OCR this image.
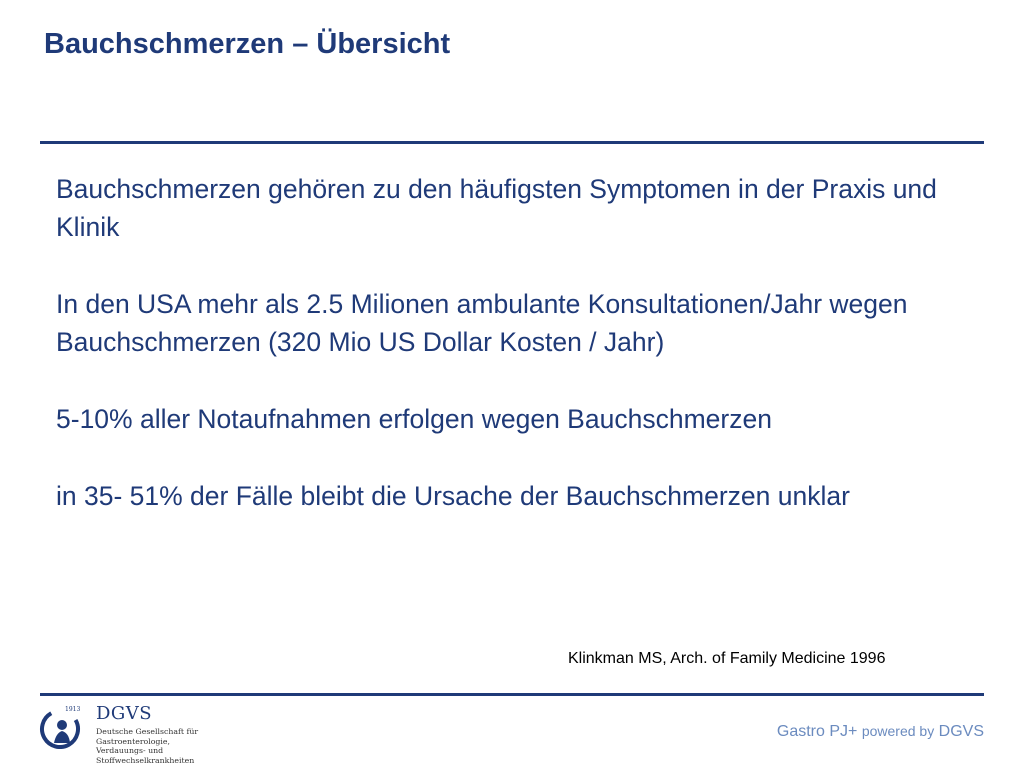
Bauchschmerzen – Übersicht

Bauchschmerzen gehören zu den häufigsten Symptomen in der Praxis und Klinik

In den USA mehr als 2.5 Milionen ambulante Konsultationen/Jahr wegen Bauchschmerzen (320 Mio US Dollar Kosten / Jahr)

5-10% aller Notaufnahmen erfolgen wegen Bauchschmerzen

in 35- 51% der Fälle bleibt die Ursache der Bauchschmerzen unklar

Klinkman MS, Arch. of Family Medicine 1996
1913 DGVS
Deutsche Gesellschaft für
Gastroenterologie,
Verdauungs- und
Stoffwechselkrankheiten
Gastro PJ+ powered by DGVS
